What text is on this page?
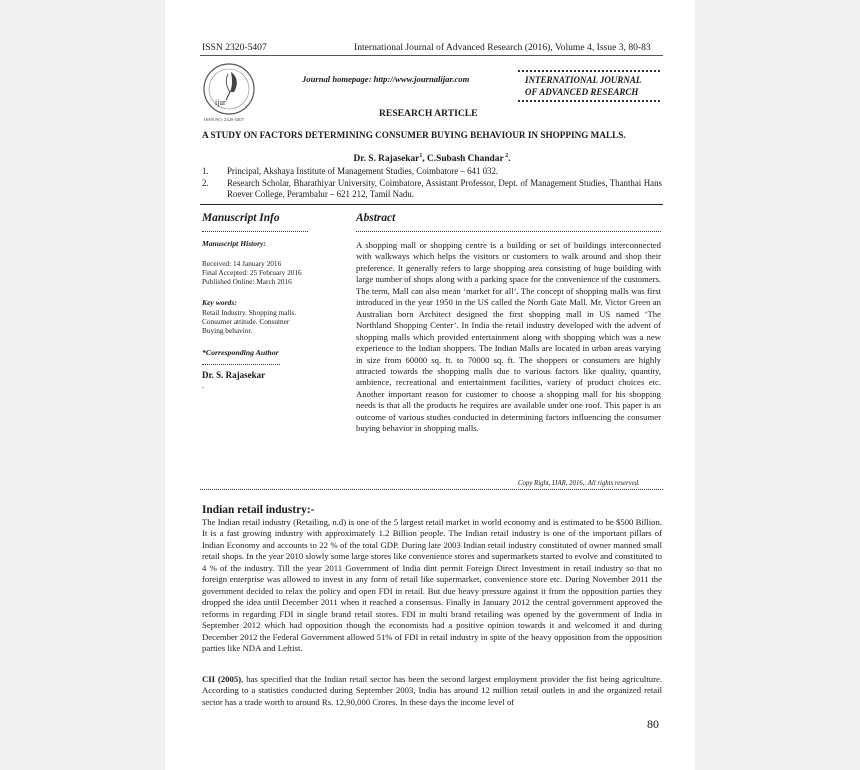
ISSN 2320-5407	International Journal of Advanced Research (2016), Volume 4, Issue 3, 80-83
ijar
ISSN NO. 2320-5407
Journal homepage: http://www.journalijar.com	INTERNATIONAL JOURNAL
OF ADVANCED RESEARCH
RESEARCH ARTICLE
A STUDY ON FACTORS DETERMINING CONSUMER BUYING BEHAVIOUR IN SHOPPING MALLS.
Dr. S. Rajasekar$^1$, C.Subash Chandar $^2$.
1. Principal, Akshaya Institute of Management Studies, Coimbatore – 641 032.
2. Research Scholar, Bharathiyar University, Coimbatore, Assistant Professor, Dept. of Management Studies, Thanthai Hans Roever College, Perambalur – 621 212, Tamil Nadu.
Manuscript Info
Manuscript History:
Received: 14 January 2016
Final Accepted: 25 February 2016
Published Online: March 2016
Key words:
Retail Industry. Shopping malls.
Consumer attitude. Consumer
Buying behavior.
*Corresponding Author
Dr. S. Rajasekar
.
Abstract
A shopping mall or shopping centre is a building or set of buildings interconnected with walkways which helps the visitors or customers to walk around and shop their preference. It generally refers to large shopping area consisting of huge building with large number of shops along with a parking space for the convenience of the customers. The term, Mall can also mean ‘market for all’. The concept of shopping malls was first introduced in the year 1950 in the US called the North Gate Mall. Mr. Victor Green an Australian born Architect designed the first shopping mall in US named ‘The Northland Shopping Center’. In India the retail industry developed with the advent of shopping malls which provided entertainment along with shopping which was a new experience to the Indian shoppers. The Indian Malls are located in urban areas varying in size from 60000 sq. ft. to 70000 sq. ft. The shoppers or consumers are highly attracted towards the shopping malls due to various factors like quality, quantity, ambience, recreational and entertainment facilities, variety of product choices etc. Another important reason for customer to choose a shopping mall for his shopping needs is that all the products he requires are available under one roof. This paper is an outcome of various studies conducted in determining factors influencing the consumer buying behavior in shopping malls.
Copy Right, IJAR, 2016,. All rights reserved.
Indian retail industry:-
The Indian retail industry (Retailing, n.d) is one of the 5 largest retail market in world economy and is estimated to be $500 Billion. It is a fast growing industry with approximately 1.2 Billion people. The Indian retail industry is one of the important pillars of Indian Economy and accounts to 22 % of the total GDP. During late 2003 Indian retail industry constituted of owner manned small retail shops. In the year 2010 slowly some large stores like convenience stores and supermarkets started to evolve and constituted to 4 % of the industry. Till the year 2011 Government of India dint permit Foreign Direct Investment in retail industry so that no foreign enterprise was allowed to invest in any form of retail like supermarket, convenience store etc. During November 2011 the government decided to relax the policy and open FDI in retail. But due heavy pressure against it from the opposition parties they dropped the idea until December 2011 when it reached a consensus. Finally in January 2012 the central government approved the reforms in regarding FDI in single brand retail stores. FDI in multi brand retailing was opened by the government of India in September 2012 which had opposition though the economists had a positive opinion towards it and welcomed it and during December 2012 the Federal Government allowed 51% of FDI in retail industry in spite of the heavy opposition from the opposition parties like NDA and Leftist.
CII (2005), has specified that the Indian retail sector has been the second largest employment provider the fist being agriculture. According to a statistics conducted during September 2003, India has around 12 million retail outlets in and the organized retail sector has a trade worth to around Rs. 12,90,000 Crores. In these days the income level of
80
